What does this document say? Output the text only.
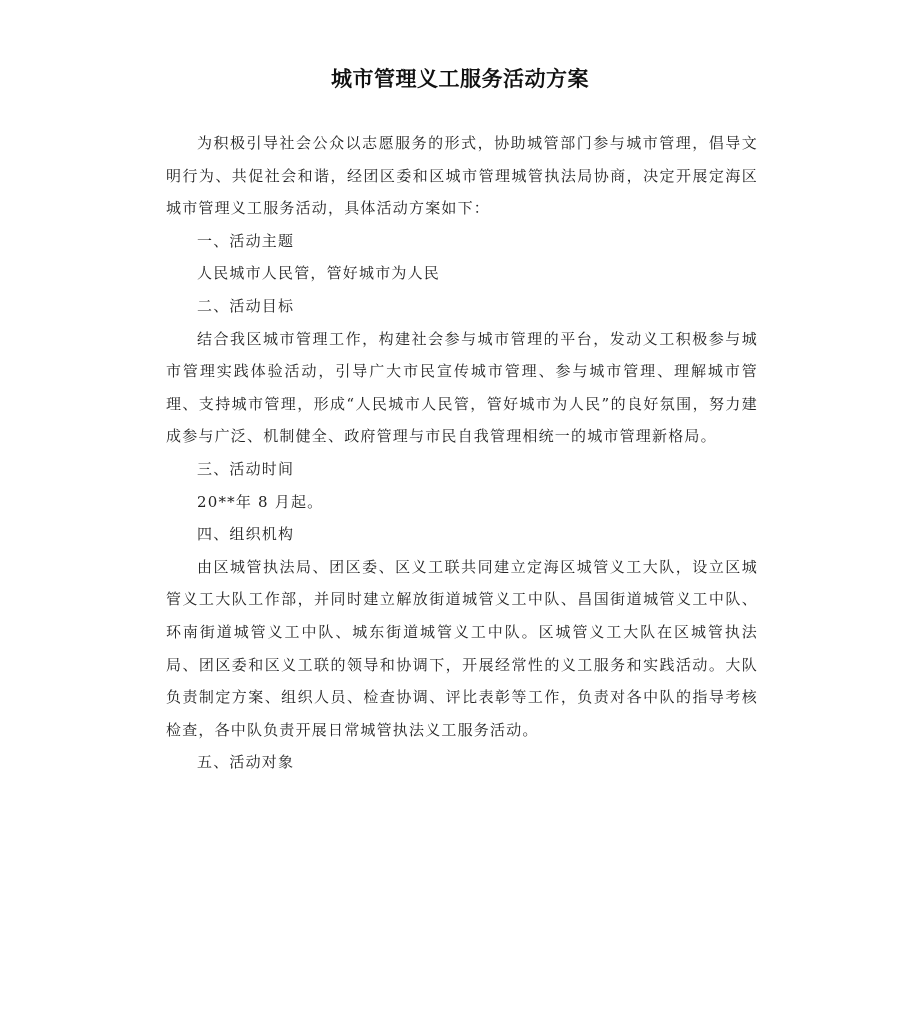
城市管理义工服务活动方案

为积极引导社会公众以志愿服务的形式，协助城管部门参与城市管理，倡导文明行为、共促社会和谐，经团区委和区城市管理城管执法局协商，决定开展定海区城市管理义工服务活动，具体活动方案如下：

一、活动主题

人民城市人民管，管好城市为人民

二、活动目标

结合我区城市管理工作，构建社会参与城市管理的平台，发动义工积极参与城市管理实践体验活动，引导广大市民宣传城市管理、参与城市管理、理解城市管理、支持城市管理，形成“人民城市人民管，管好城市为人民”的良好氛围，努力建成参与广泛、机制健全、政府管理与市民自我管理相统一的城市管理新格局。

三、活动时间

20**年 8 月起。

四、组织机构

由区城管执法局、团区委、区义工联共同建立定海区城管义工大队，设立区城管义工大队工作部，并同时建立解放街道城管义工中队、昌国街道城管义工中队、环南街道城管义工中队、城东街道城管义工中队。区城管义工大队在区城管执法局、团区委和区义工联的领导和协调下，开展经常性的义工服务和实践活动。大队负责制定方案、组织人员、检查协调、评比表彰等工作，负责对各中队的指导考核检查，各中队负责开展日常城管执法义工服务活动。

五、活动对象
